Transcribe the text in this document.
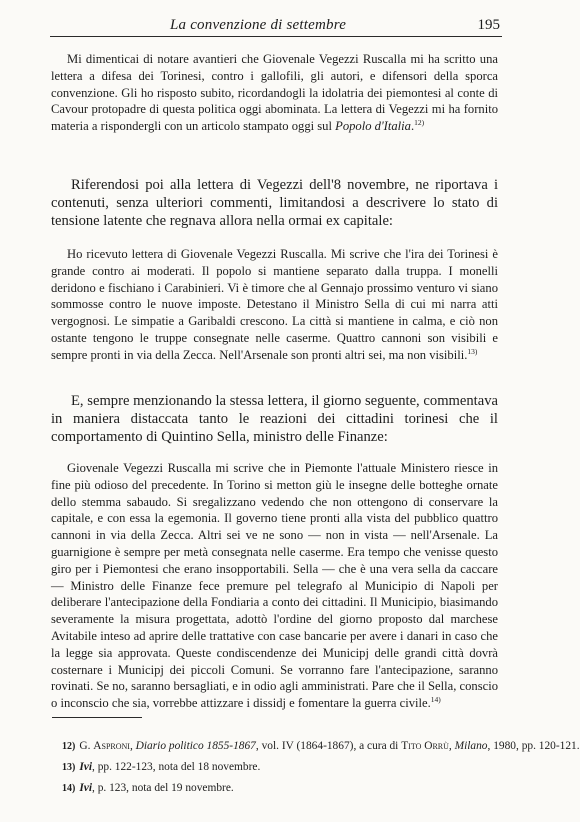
La convenzione di settembre	195

Mi dimenticai di notare avantieri che Giovenale Vegezzi Ruscalla mi ha scritto una lettera a difesa dei Torinesi, contro i gallofili, gli autori, e difensori della sporca convenzione. Gli ho risposto subito, ricordandogli la idolatria dei piemontesi al conte di Cavour protopadre di questa politica oggi abominata. La lettera di Vegezzi mi ha fornito materia a rispondergli con un articolo stampato oggi sul Popolo d'Italia.$^{12)}$

Riferendosi poi alla lettera di Vegezzi dell'8 novembre, ne riportava i contenuti, senza ulteriori commenti, limitandosi a descrivere lo stato di tensione latente che regnava allora nella ormai ex capitale:

Ho ricevuto lettera di Giovenale Vegezzi Ruscalla. Mi scrive che l'ira dei Torinesi è grande contro ai moderati. Il popolo si mantiene separato dalla truppa. I monelli deridono e fischiano i Carabinieri. Vi è timore che al Gennajo prossimo venturo vi siano sommosse contro le nuove imposte. Detestano il Ministro Sella di cui mi narra atti vergognosi. Le simpatie a Garibaldi crescono. La città si mantiene in calma, e ciò non ostante tengono le truppe consegnate nelle caserme. Quattro cannoni son visibili e sempre pronti in via della Zecca. Nell'Arsenale son pronti altri sei, ma non visibili.$^{13)}$

E, sempre menzionando la stessa lettera, il giorno seguente, commentava in maniera distaccata tanto le reazioni dei cittadini torinesi che il comportamento di Quintino Sella, ministro delle Finanze:

Giovenale Vegezzi Ruscalla mi scrive che in Piemonte l'attuale Ministero riesce in fine più odioso del precedente. In Torino si metton giù le insegne delle botteghe ornate dello stemma sabaudo. Si sregalizzano vedendo che non ottengono di conservare la capitale, e con essa la egemonia. Il governo tiene pronti alla vista del pubblico quattro cannoni in via della Zecca. Altri sei ve ne sono — non in vista — nell'Arsenale. La guarnigione è sempre per metà consegnata nelle caserme. Era tempo che venisse questo giro per i Piemontesi che erano insopportabili. Sella — che è una vera sella da caccare — Ministro delle Finanze fece premure pel telegrafo al Municipio di Napoli per deliberare l'antecipazione della Fondiaria a conto dei cittadini. Il Municipio, biasimando severamente la misura progettata, adottò l'ordine del giorno proposto dal marchese Avitabile inteso ad aprire delle trattative con case bancarie per avere i danari in caso che la legge sia approvata. Queste condiscendenze dei Municipj delle grandi città dovrà costernare i Municipj dei piccoli Comuni. Se vorranno fare l'antecipazione, saranno rovinati. Se no, saranno bersagliati, e in odio agli amministrati. Pare che il Sella, conscio o inconscio che sia, vorrebbe attizzare i dissidj e fomentare la guerra civile.$^{14)}$

12) G. Asproni, Diario politico 1855-1867, vol. IV (1864-1867), a cura di Tito Orrù, Milano, 1980, pp. 120-121.

13) Ivi, pp. 122-123, nota del 18 novembre.

14) Ivi, p. 123, nota del 19 novembre.
